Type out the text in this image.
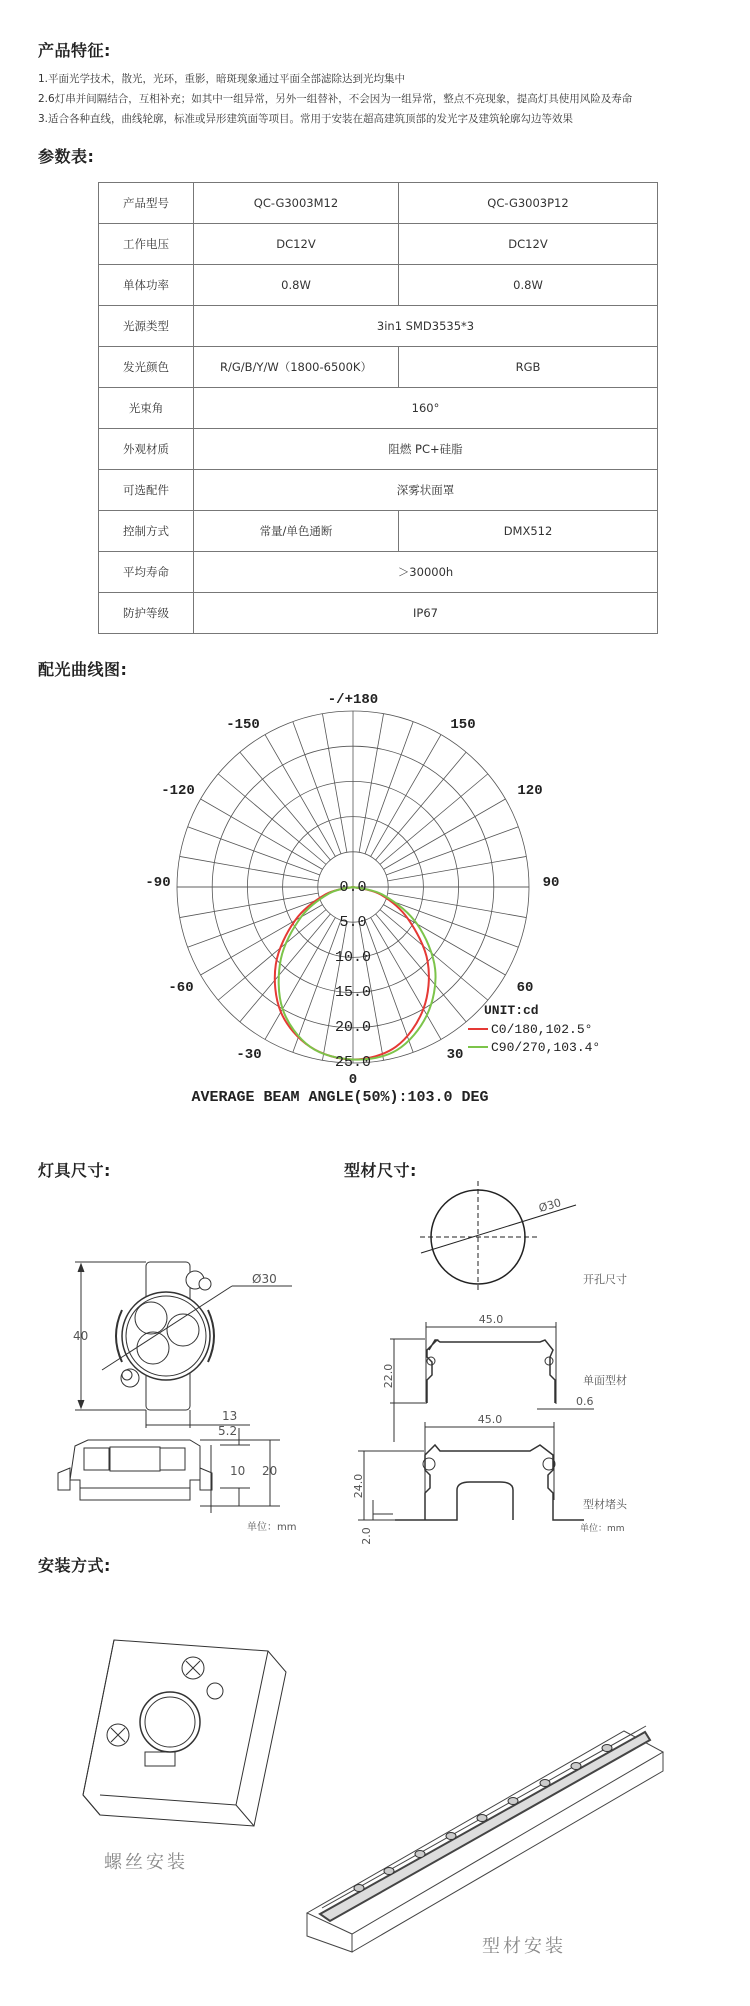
产品特征:
1.平面光学技术，散光，光环，重影，暗斑现象通过平面全部滤除达到光均集中
2.6灯串并间隔结合，互相补充；如其中一组异常，另外一组替补，不会因为一组异常，整点不亮现象，提高灯具使用风险及寿命
3.适合各种直线，曲线轮廓，标准或异形建筑面等项目。常用于安装在超高建筑顶部的发光字及建筑轮廓勾边等效果
参数表:
产品型号	QC-G3003M12	QC-G3003P12
工作电压	DC12V	DC12V
单体功率	0.8W	0.8W
光源类型	3in1 SMD3535*3	
发光颜色	R/G/B/Y/W（1800-6500K）	RGB
光束角	160°	
外观材质	阻燃 PC+硅脂	
可选配件	深雾状面罩	
控制方式	常量/单色通断	DMX512
平均寿命	＞30000h	
防护等级	IP67	
配光曲线图:
-/+180
-150	150
-120	120
-90	90
-60	60
-30	30
0
0.0
5.0
10.0
15.0
20.0
25.0
UNIT:cd
C0/180,102.5°
C90/270,103.4°
AVERAGE BEAM ANGLE(50%):103.0 DEG
灯具尺寸:	型材尺寸:
Ø30
40
13
5.2
10 20
单位：mm
Ø30
开孔尺寸
45.0
22.0	单面型材
0.6
45.0
24.0
2.0
型材堵头
单位：mm
安装方式:
螺丝安装
型材安装
